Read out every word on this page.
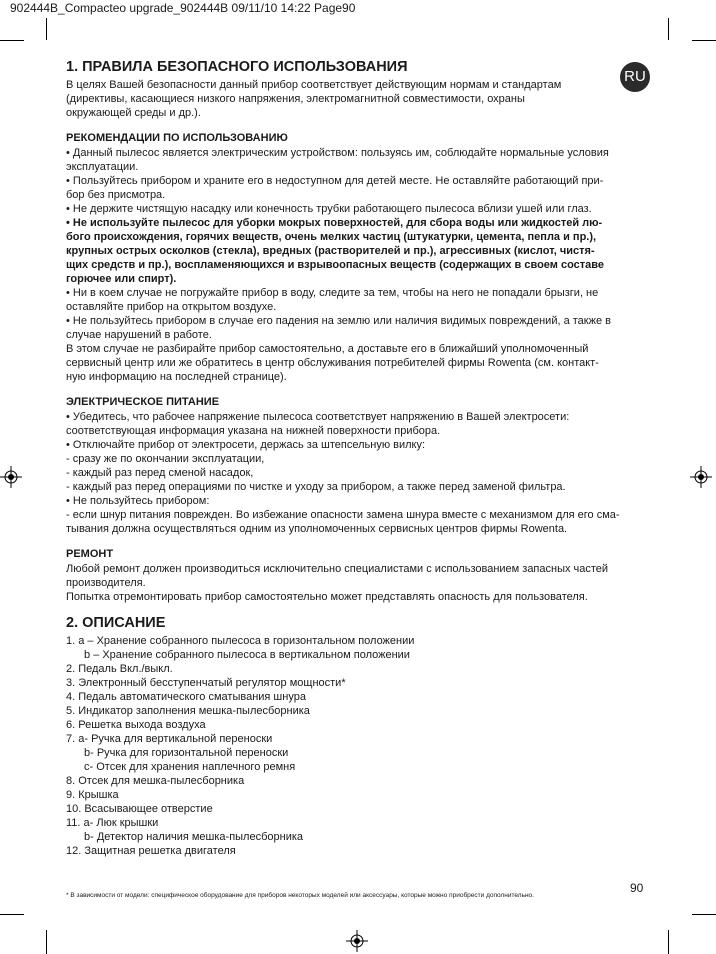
902444B_Compacteo upgrade_902444B 09/11/10 14:22 Page90
RU
1. ПРАВИЛА БЕЗОПАСНОГО ИСПОЛЬЗОВАНИЯ

В целях Вашей безопасности данный прибор соответствует действующим нормам и стандартам

(директивы, касающиеся низкого напряжения, электромагнитной совместимости, охраны

окружающей среды и др.).

РЕКОМЕНДАЦИИ ПО ИСПОЛЬЗОВАНИЮ

• Данный пылесос является электрическим устройством: пользуясь им, соблюдайте нормальные условия

эксплуатации.

• Пользуйтесь прибором и храните его в недоступном для детей месте. Не оставляйте работающий при-

бор без присмотра.

• Не держите чистящую насадку или конечность трубки работающего пылесоса вблизи ушей или глаз.

• Не используйте пылесос для уборки мокрых поверхностей, для сбора воды или жидкостей лю-

бого происхождения, горячих веществ, очень мелких частиц (штукатурки, цемента, пепла и пр.),

крупных острых осколков (стекла), вредных (растворителей и пр.), агрессивных (кислот, чистя-

щих средств и пр.), воспламеняющихся и взрывоопасных веществ (содержащих в своем составе

горючее или спирт).

• Ни в коем случае не погружайте прибор в воду, следите за тем, чтобы на него не попадали брызги, не

оставляйте прибор на открытом воздухе.

• Не пользуйтесь прибором в случае его падения на землю или наличия видимых повреждений, а также в

случае нарушений в работе.

В этом случае не разбирайте прибор самостоятельно, а доставьте его в ближайший уполномоченный

сервисный центр или же обратитесь в центр обслуживания потребителей фирмы Rowenta (см. контакт-

ную информацию на последней странице).

ЭЛЕКТРИЧЕСКОЕ ПИТАНИЕ

• Убедитесь, что рабочее напряжение пылесоса соответствует напряжению в Вашей электросети:

соответствующая информация указана на нижней поверхности прибора.

• Отключайте прибор от электросети, держась за штепсельную вилку:

- сразу же по окончании эксплуатации,

- каждый раз перед сменой насадок,

- каждый раз перед операциями по чистке и уходу за прибором, а также перед заменой фильтра.

• Не пользуйтесь прибором:

- если шнур питания поврежден. Во избежание опасности замена шнура вместе с механизмом для его сма-

тывания должна осуществляться одним из уполномоченных сервисных центров фирмы Rowenta.

РЕМОНТ

Любой ремонт должен производиться исключительно специалистами с использованием запасных частей

производителя.

Попытка отремонтировать прибор самостоятельно может представлять опасность для пользователя.

2. ОПИСАНИЕ

1. a – Хранение собранного пылесоса в горизонтальном положении

b – Хранение собранного пылесоса в вертикальном положении

2. Педаль Вкл./выкл.

3. Электронный бесступенчатый регулятор мощности*

4. Педаль автоматического сматывания шнура

5. Индикатор заполнения мешка-пылесборника

6. Решетка выхода воздуха

7. a- Ручка для вертикальной переноски

b- Ручка для горизонтальной переноски

c- Отсек для хранения наплечного ремня

8. Отсек для мешка-пылесборника

9. Крышка

10. Всасывающее отверстие

11. a- Люк крышки

b- Детектор наличия мешка-пылесборника

12. Защитная решетка двигателя

90
* В зависимости от модели: специфическое оборудование для приборов некоторых моделей или аксессуары, которые можно приобрести дополнительно.
